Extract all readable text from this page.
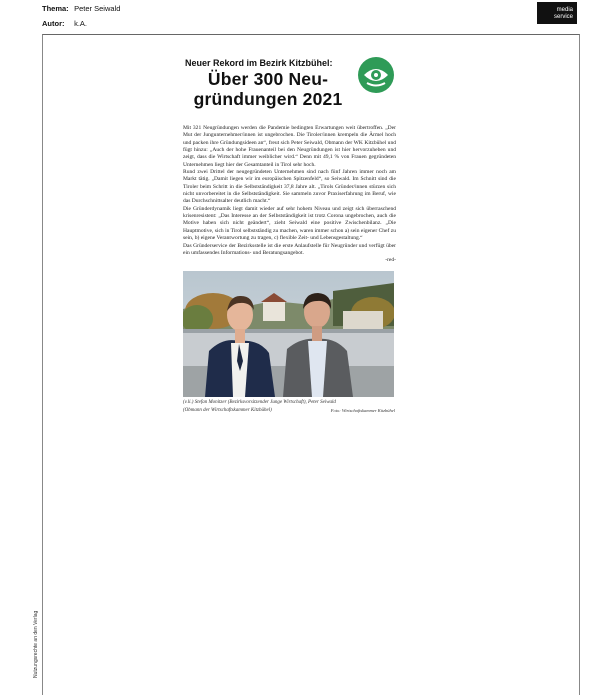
Thema: Peter Seiwald
Autor: k.A.
media
service
Nutzungsrechte an den Verlag
Neuer Rekord im Bezirk Kitzbühel:
Über 300 Neu-
gründungen 2021

Mit 321 Neugründungen werden die Pandemie bedingten Erwartungen weit übertroffen. „Der Mut der Jungunternehmer/innen ist ungebrochen. Die Tiroler/innen krempeln die Ärmel hoch und packen ihre Gründungsideen an“, freut sich Peter Seiwald, Obmann der WK Kitzbühel und fügt hinzu: „Auch der hohe Frauenanteil bei den Neugründungen ist hier hervorzuheben und zeigt, dass die Wirtschaft immer weiblicher wird.“ Denn mit 49,1 % von Frauen gegründeten Unternehmen liegt hier der Gesamtanteil in Tirol sehr hoch.

Rund zwei Drittel der neugegründeten Unternehmen sind nach fünf Jahren immer noch am Markt tätig. „Damit liegen wir im europäischen Spitzenfeld“, so Seiwald. Im Schnitt sind die Tiroler beim Schritt in die Selbstständigkeit 37,8 Jahre alt. „Tirols Gründer/innen stürzen sich nicht unvorbereitet in die Selbstständigkeit. Sie sammeln zuvor Praxiserfahrung im Beruf, wie das Durchschnittsalter deutlich macht.“

Die Gründerdynamik liegt damit wieder auf sehr hohem Niveau und zeigt sich überraschend krisenresistent: „Das Interesse an der Selbstständigkeit ist trotz Corona ungebrochen, auch die Motive haben sich nicht geändert“, zieht Seiwald eine positive Zwischenbilanz. „Die Hauptmotive, sich in Tirol selbstständig zu machen, waren immer schon a) sein eigener Chef zu sein, b) eigene Verantwortung zu tragen, c) flexible Zeit- und Lebensgestaltung.“

Das Gründerservice der Bezirksstelle ist die erste Anlaufstelle für Neugründer und verfügt über ein umfassendes Informations- und Beratungsangebot.

-red-

(v.li.) Stefan Monitzer (Bezirksvorsitzender Junge Wirtschaft), Peter Seiwald
(Obmann der Wirtschaftskammer Kitzbühel)	Foto: Wirtschaftskammer Kitzbühel
